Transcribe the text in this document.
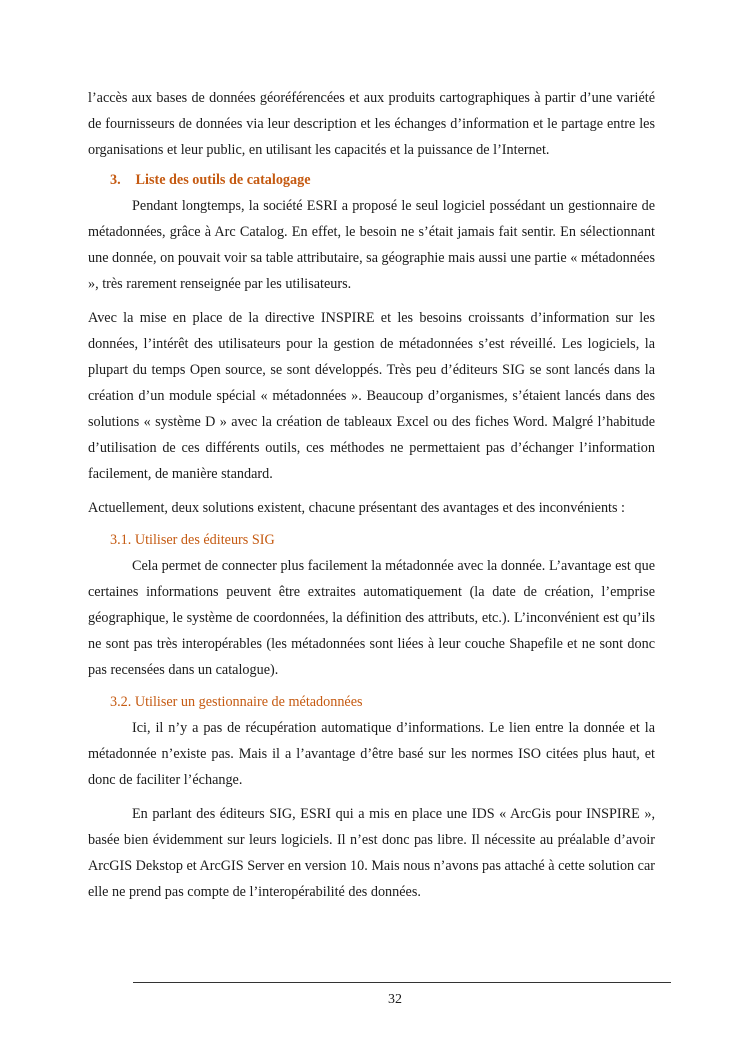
l’accès aux bases de données géoréférencées et aux produits cartographiques à partir d’une variété de fournisseurs de données via leur description et les échanges d’information et le partage entre les organisations et leur public, en utilisant les capacités et la puissance de l’Internet.

3. Liste des outils de catalogage

Pendant longtemps, la société ESRI a proposé le seul logiciel possédant un gestionnaire de métadonnées, grâce à Arc Catalog. En effet, le besoin ne s’était jamais fait sentir. En sélectionnant une donnée, on pouvait voir sa table attributaire, sa géographie mais aussi une partie « métadonnées », très rarement renseignée par les utilisateurs.

Avec la mise en place de la directive INSPIRE et les besoins croissants d’information sur les données, l’intérêt des utilisateurs pour la gestion de métadonnées s’est réveillé. Les logiciels, la plupart du temps Open source, se sont développés. Très peu d’éditeurs SIG se sont lancés dans la création d’un module spécial « métadonnées ». Beaucoup d’organismes, s’étaient lancés dans des solutions « système D » avec la création de tableaux Excel ou des fiches Word. Malgré l’habitude d’utilisation de ces différents outils, ces méthodes ne permettaient pas d’échanger l’information facilement, de manière standard.

Actuellement, deux solutions existent, chacune présentant des avantages et des inconvénients :

3.1. Utiliser des éditeurs SIG

Cela permet de connecter plus facilement la métadonnée avec la donnée. L’avantage est que certaines informations peuvent être extraites automatiquement (la date de création, l’emprise géographique, le système de coordonnées, la définition des attributs, etc.). L’inconvénient est qu’ils ne sont pas très interopérables (les métadonnées sont liées à leur couche Shapefile et ne sont donc pas recensées dans un catalogue).

3.2. Utiliser un gestionnaire de métadonnées

Ici, il n’y a pas de récupération automatique d’informations. Le lien entre la donnée et la métadonnée n’existe pas. Mais il a l’avantage d’être basé sur les normes ISO citées plus haut, et donc de faciliter l’échange.

En parlant des éditeurs SIG, ESRI qui a mis en place une IDS « ArcGis pour INSPIRE », basée bien évidemment sur leurs logiciels. Il n’est donc pas libre. Il nécessite au préalable d’avoir ArcGIS Dekstop et ArcGIS Server en version 10. Mais nous n’avons pas attaché à cette solution car elle ne prend pas compte de l’interopérabilité des données.

32
